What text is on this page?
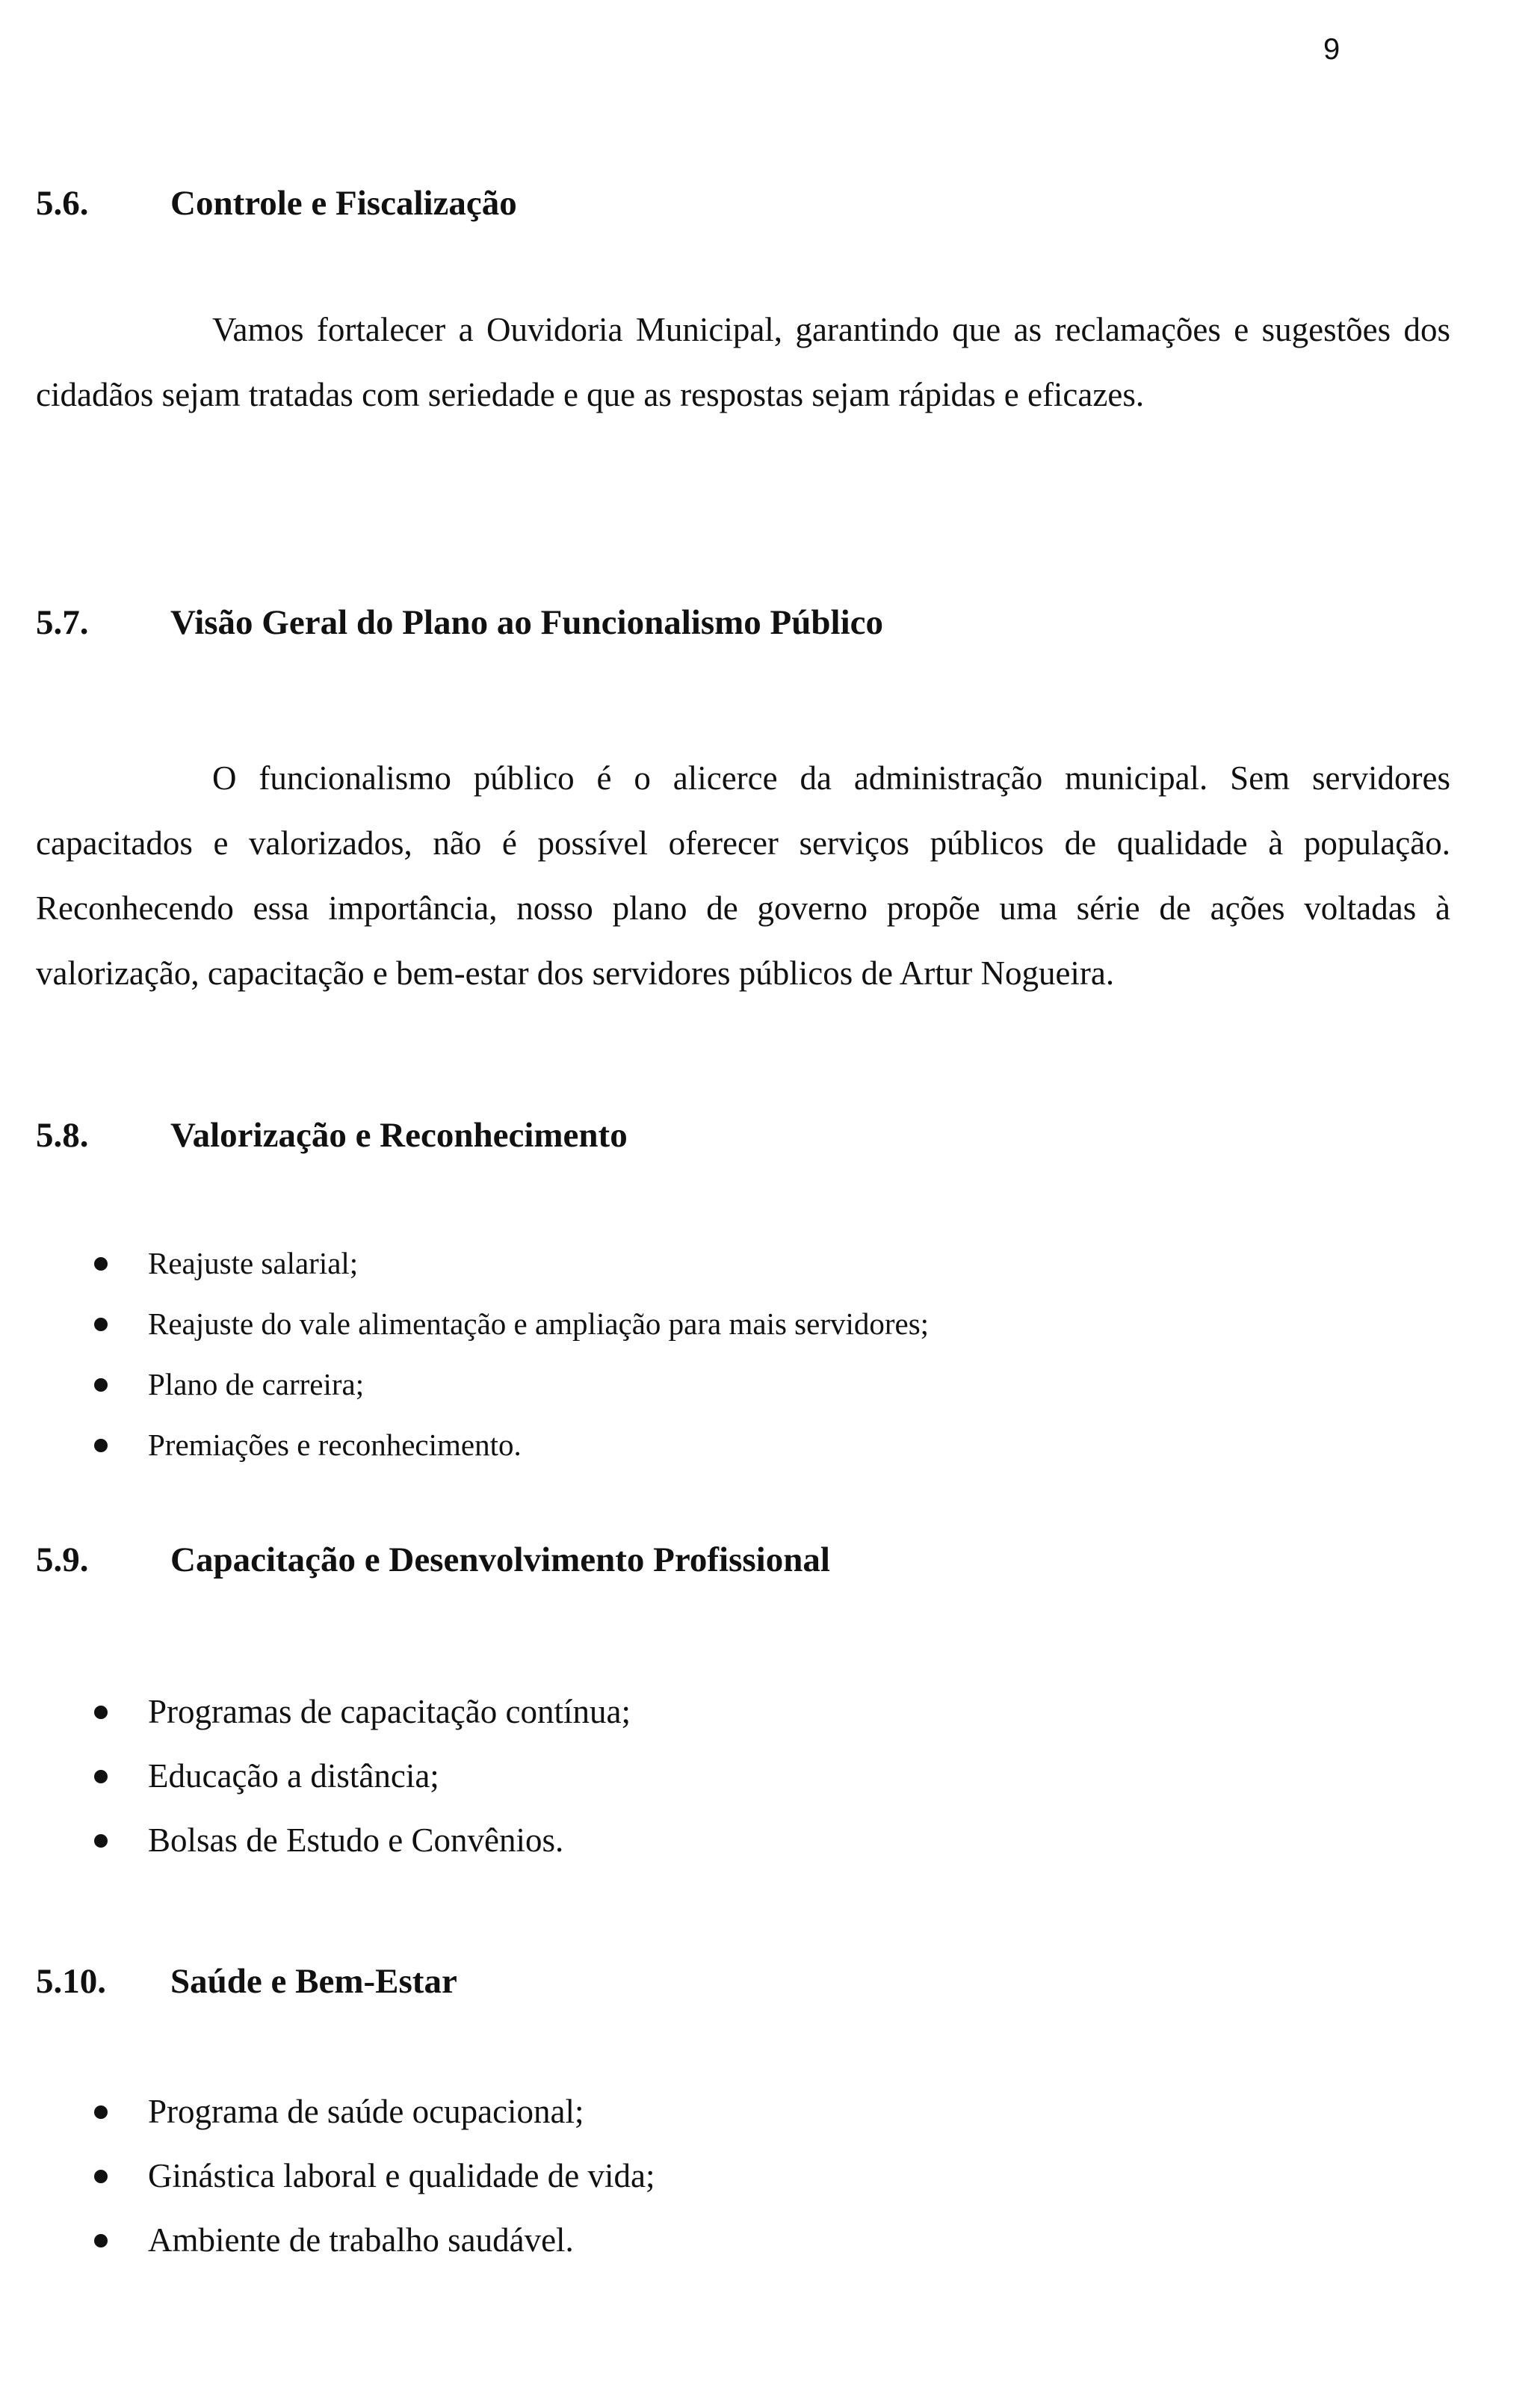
9
5.6. Controle e Fiscalização

Vamos fortalecer a Ouvidoria Municipal, garantindo que as reclamações e sugestões dos cidadãos sejam tratadas com seriedade e que as respostas sejam rápidas e eficazes.

5.7. Visão Geral do Plano ao Funcionalismo Público

O funcionalismo público é o alicerce da administração municipal. Sem servidores capacitados e valorizados, não é possível oferecer serviços públicos de qualidade à população. Reconhecendo essa importância, nosso plano de governo propõe uma série de ações voltadas à valorização, capacitação e bem-estar dos servidores públicos de Artur Nogueira.

5.8. Valorização e Reconhecimento
Reajuste salarial;
Reajuste do vale alimentação e ampliação para mais servidores;
Plano de carreira;
Premiações e reconhecimento.
5.9. Capacitação e Desenvolvimento Profissional
Programas de capacitação contínua;
Educação a distância;
Bolsas de Estudo e Convênios.
5.10. Saúde e Bem-Estar
Programa de saúde ocupacional;
Ginástica laboral e qualidade de vida;
Ambiente de trabalho saudável.
